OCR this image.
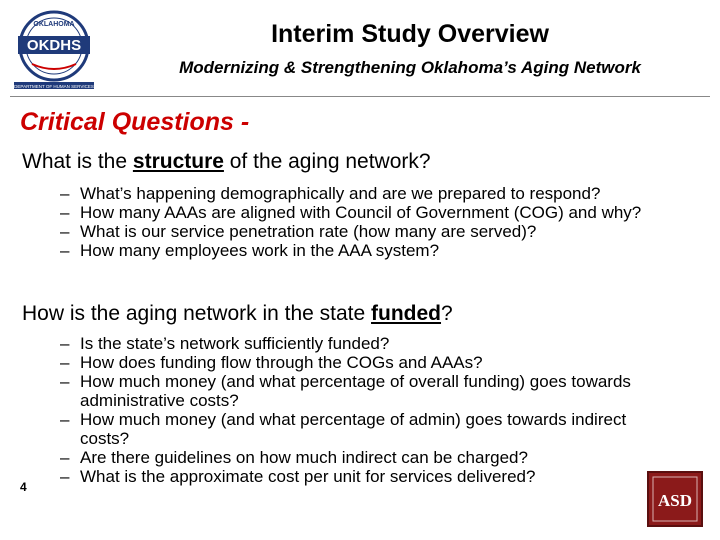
OKLAHOMA
OKDHS
DEPARTMENT OF HUMAN SERVICES
Interim Study Overview
Modernizing & Strengthening Oklahoma’s Aging Network
Critical Questions -
What is the structure of the aging network?
– What’s happening demographically and are we prepared to respond?
– How many AAAs are aligned with Council of Government (COG) and why?
– What is our service penetration rate (how many are served)?
– How many employees work in the AAA system?
How is the aging network in the state funded?
– Is the state’s network sufficiently funded?
– How does funding flow through the COGs and AAAs?
– How much money (and what percentage of overall funding) goes towards administrative costs?
– How much money (and what percentage of admin) goes towards indirect costs?
– Are there guidelines on how much indirect can be charged?
– What is the approximate cost per unit for services delivered?
4
ASD
